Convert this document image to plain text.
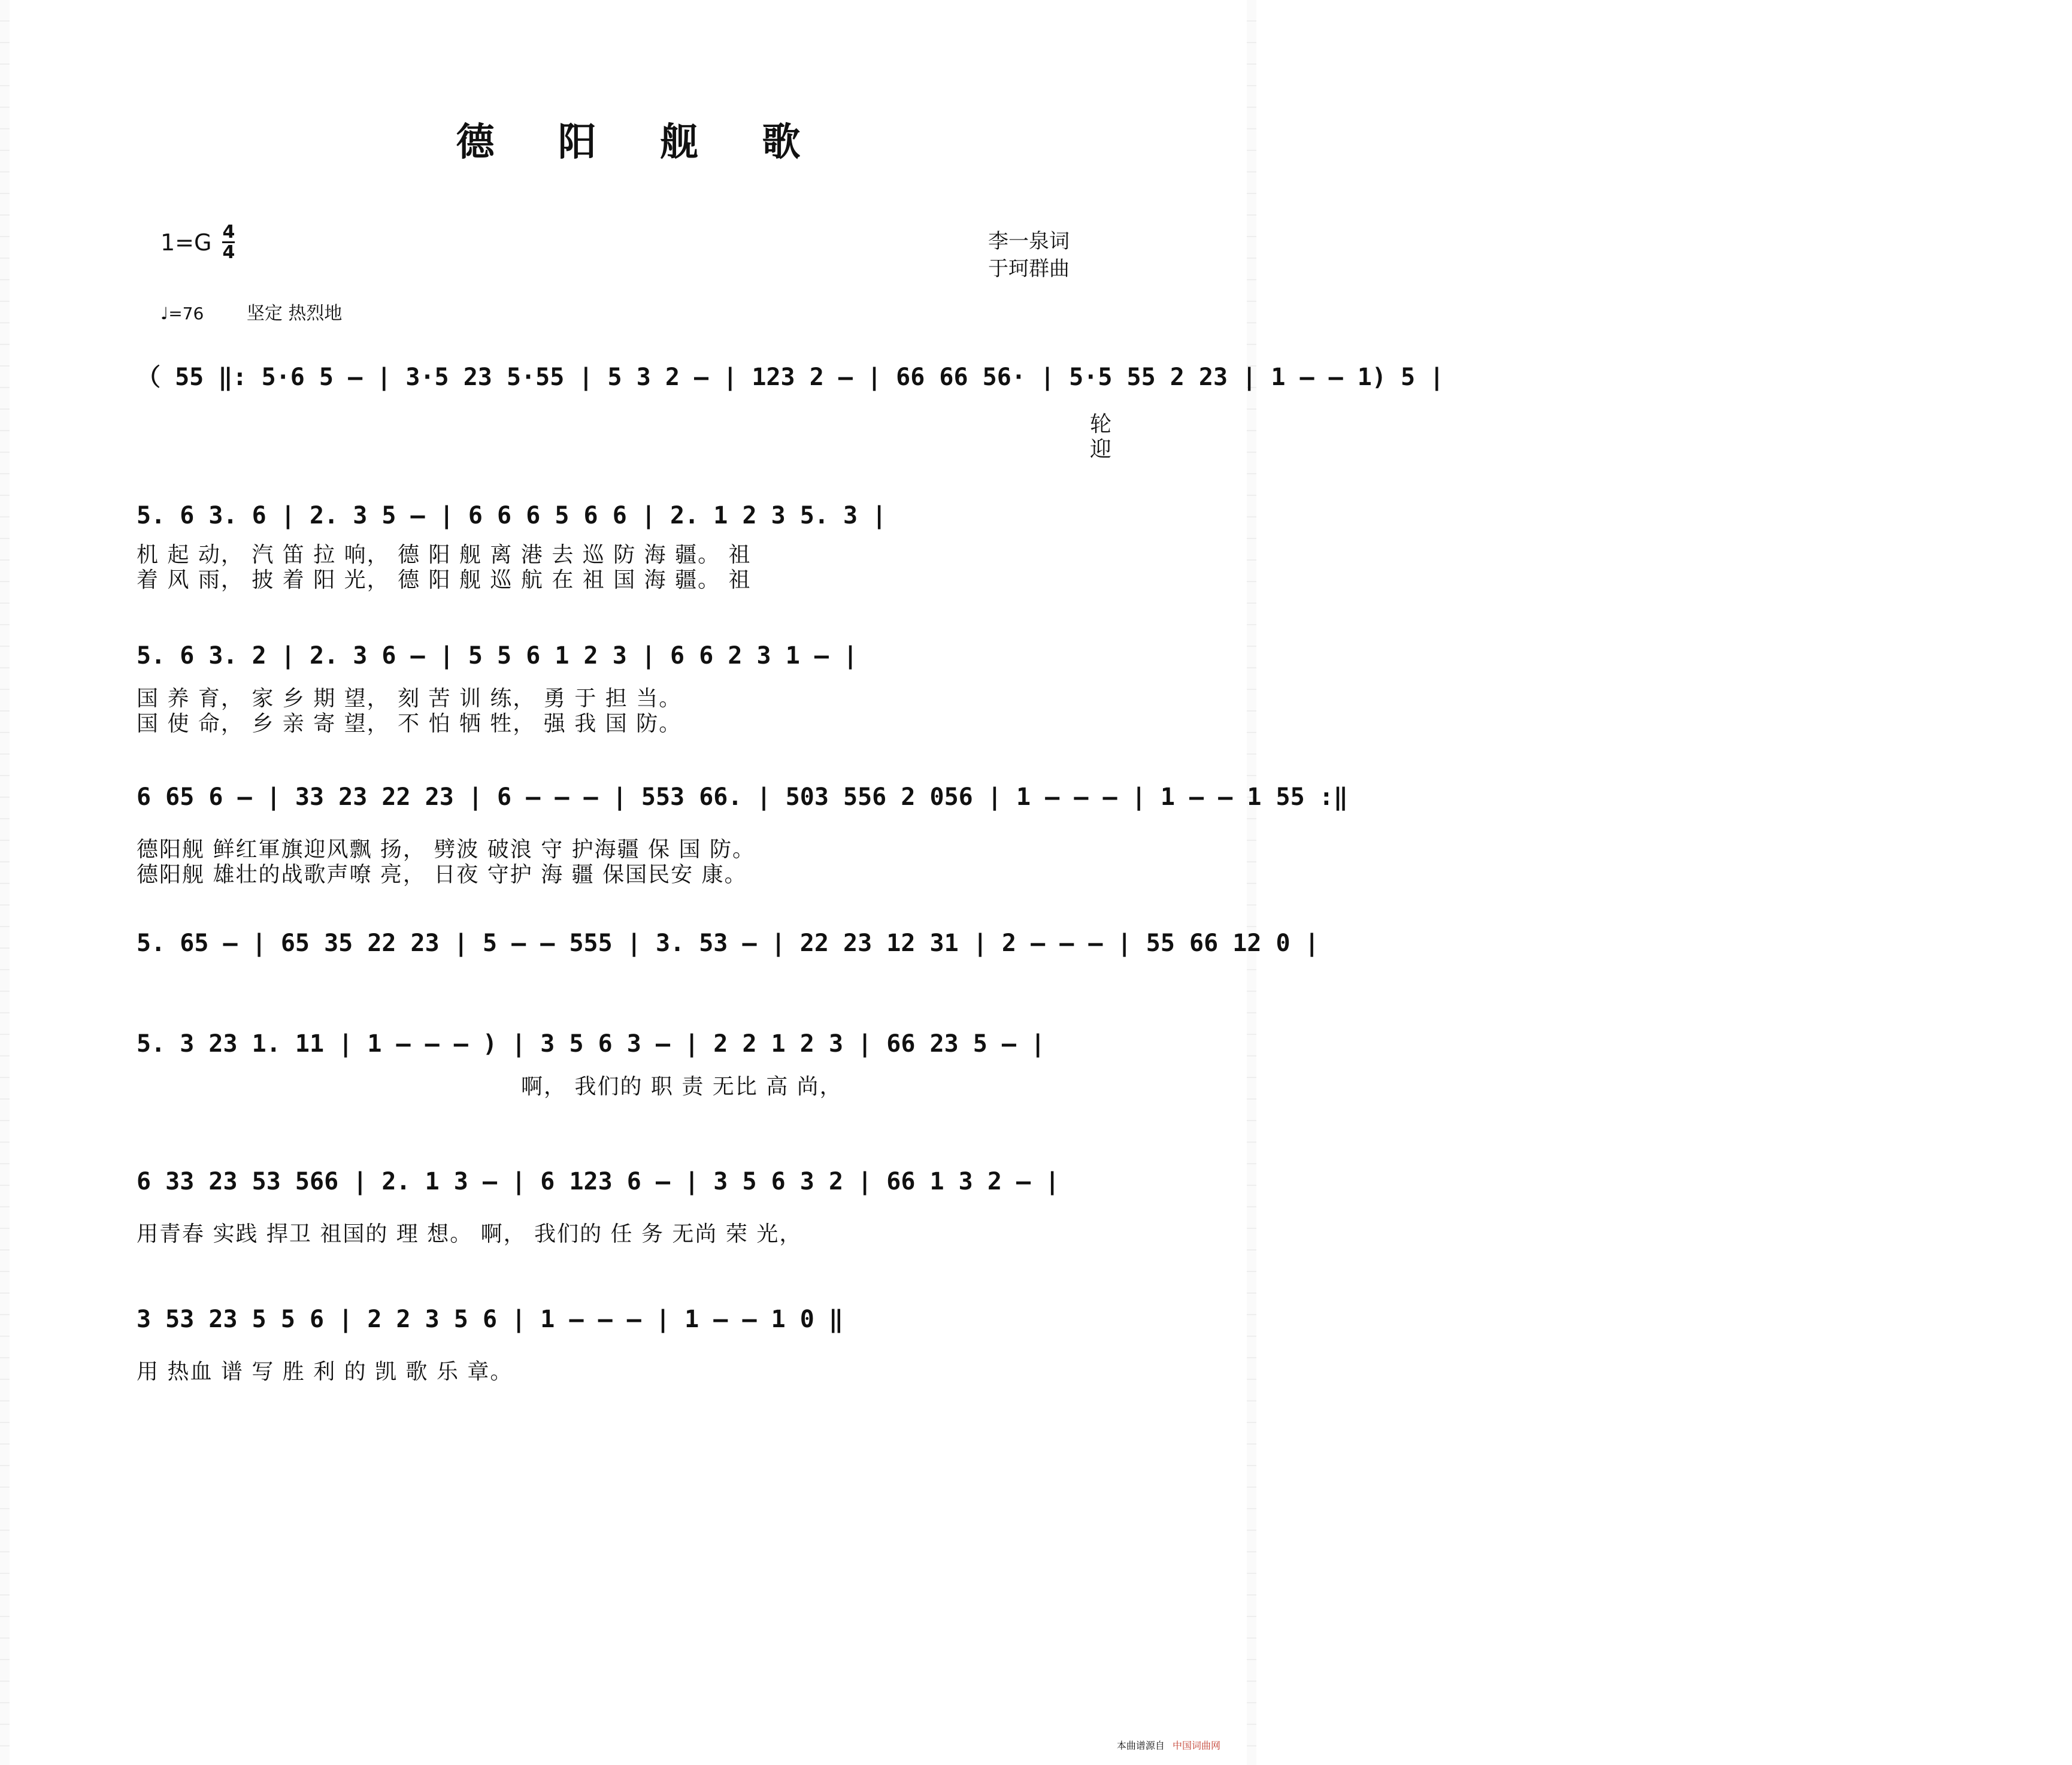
德 阳 舰 歌
1=G 4
4	李一泉词
于珂群曲
♩=76 坚定 热烈地
（ 55 ‖: 5·6 5 – | 3·5 23 5·55 | 5 3 2 – | 123 2 – | 66 66 56· | 5·5 55 2 23 | 1 – – 1) 5 |
轮
迎
5. 6 3. 6 | 2. 3 5 – | 6 6 6 5 6 6 | 2. 1 2 3 5. 3 |
机 起 动， 汽 笛 拉 响， 德 阳 舰 离 港 去 巡 防 海 疆。 祖
着 风 雨， 披 着 阳 光， 德 阳 舰 巡 航 在 祖 国 海 疆。 祖
5. 6 3. 2 | 2. 3 6 – | 5 5 6 1 2 3 | 6 6 2 3 1 – |
国 养 育， 家 乡 期 望， 刻 苦 训 练， 勇 于 担 当。
国 使 命， 乡 亲 寄 望， 不 怕 牺 牲， 强 我 国 防。
6 65 6 – | 33 23 22 23 | 6 – – – | 553 66. | 503 556 2 056 | 1 – – – | 1 – – 1 55 :‖
德阳舰 鲜红軍旗迎风飘 扬， 劈波 破浪 守 护海疆 保 国 防。
德阳舰 雄壮的战歌声嘹 亮， 日夜 守护 海 疆 保国民安 康。
5. 65 – | 65 35 22 23 | 5 – – 555 | 3. 53 – | 22 23 12 31 | 2 – – – | 55 66 12 0 |
5. 3 23 1. 11 | 1 – – – ) | 3 5 6 3 – | 2 2 1 2 3 | 66 23 5 – |
啊， 我们的 职 责 无比 高 尚，
6 33 23 53 566 | 2. 1 3 – | 6 123 6 – | 3 5 6 3 2 | 66 1 3 2 – |
用青春 实践 捍卫 祖国的 理 想。 啊， 我们的 任 务 无尚 荣 光，
3 53 23 5 5 6 | 2 2 3 5 6 | 1 – – – | 1 – – 1 0 ‖
用 热血 谱 写 胜 利 的 凯 歌 乐 章。
本曲谱源自 中国词曲网
